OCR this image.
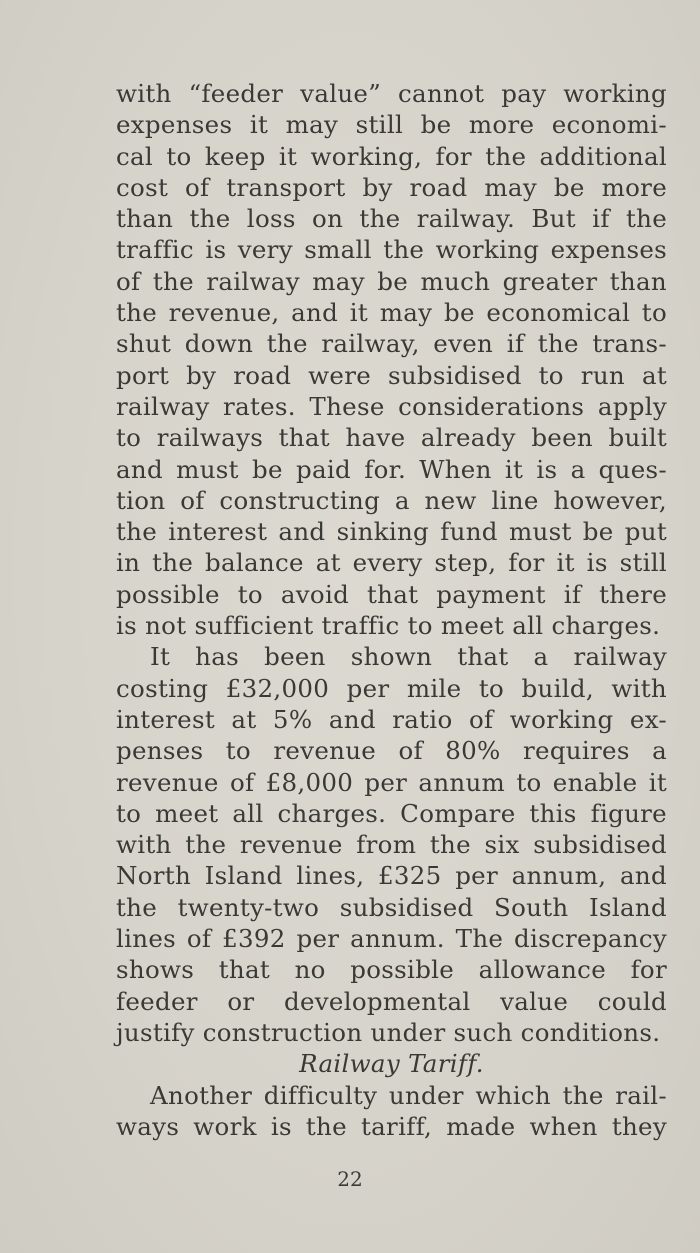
with “feeder value” cannot pay working
expenses it may still be more economi-
cal to keep it working, for the additional
cost of transport by road may be more
than the loss on the railway. But if the
traffic is very small the working expenses
of the railway may be much greater than
the revenue, and it may be economical to
shut down the railway, even if the trans-
port by road were subsidised to run at
railway rates. These considerations apply
to railways that have already been built
and must be paid for. When it is a ques-
tion of constructing a new line however,
the interest and sinking fund must be put
in the balance at every step, for it is still
possible to avoid that payment if there
is not sufficient traffic to meet all charges.
It has been shown that a railway
costing £32,000 per mile to build, with
interest at 5% and ratio of working ex-
penses to revenue of 80% requires a
revenue of £8,000 per annum to enable it
to meet all charges. Compare this figure
with the revenue from the six subsidised
North Island lines, £325 per annum, and
the twenty-two subsidised South Island
lines of £392 per annum. The discrepancy
shows that no possible allowance for
feeder or developmental value could
justify construction under such conditions.
Railway Tariff.
Another difficulty under which the rail-
ways work is the tariff, made when they
22
